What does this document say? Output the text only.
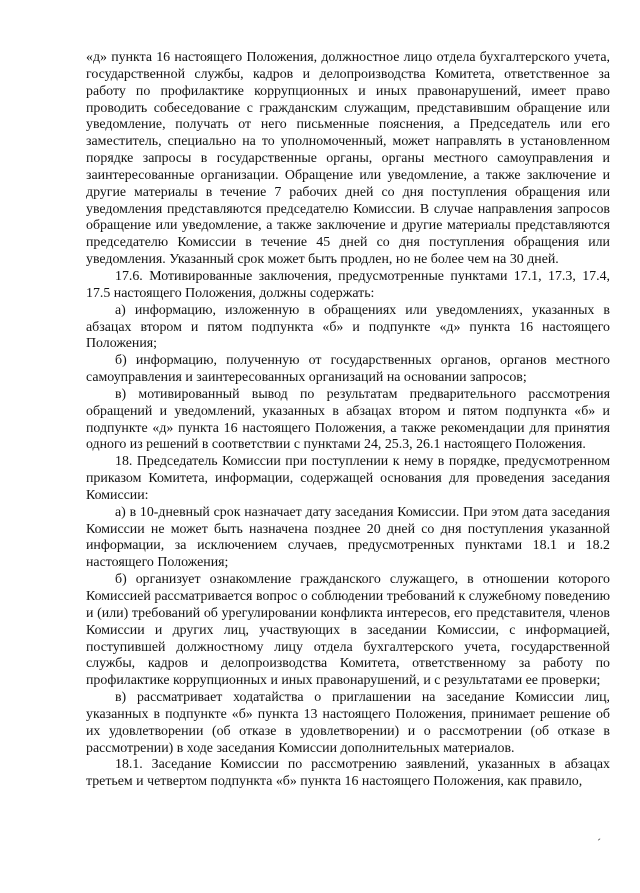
«д» пункта 16 настоящего Положения, должностное лицо отдела бухгалтерского учета, государственной службы, кадров и делопроизводства Комитета, ответственное за работу по профилактике коррупционных и иных правонарушений, имеет право проводить собеседование с гражданским служащим, представившим обращение или уведомление, получать от него письменные пояснения, а Председатель или его заместитель, специально на то уполномоченный, может направлять в установленном порядке запросы в государственные органы, органы местного самоуправления и заинтересованные организации. Обращение или уведомление, а также заключение и другие материалы в течение 7 рабочих дней со дня поступления обращения или уведомления представляются председателю Комиссии. В случае направления запросов обращение или уведомление, а также заключение и другие материалы представляются председателю Комиссии в течение 45 дней со дня поступления обращения или уведомления. Указанный срок может быть продлен, но не более чем на 30 дней.

17.6. Мотивированные заключения, предусмотренные пунктами 17.1, 17.3, 17.4, 17.5 настоящего Положения, должны содержать:

а) информацию, изложенную в обращениях или уведомлениях, указанных в абзацах втором и пятом подпункта «б» и подпункте «д» пункта 16 настоящего Положения;

б) информацию, полученную от государственных органов, органов местного самоуправления и заинтересованных организаций на основании запросов;

в) мотивированный вывод по результатам предварительного рассмотрения обращений и уведомлений, указанных в абзацах втором и пятом подпункта «б» и подпункте «д» пункта 16 настоящего Положения, а также рекомендации для принятия одного из решений в соответствии с пунктами 24, 25.3, 26.1 настоящего Положения.

18. Председатель Комиссии при поступлении к нему в порядке, предусмотренном приказом Комитета, информации, содержащей основания для проведения заседания Комиссии:

а) в 10-дневный срок назначает дату заседания Комиссии. При этом дата заседания Комиссии не может быть назначена позднее 20 дней со дня поступления указанной информации, за исключением случаев, предусмотренных пунктами 18.1 и 18.2 настоящего Положения;

б) организует ознакомление гражданского служащего, в отношении которого Комиссией рассматривается вопрос о соблюдении требований к служебному поведению и (или) требований об урегулировании конфликта интересов, его представителя, членов Комиссии и других лиц, участвующих в заседании Комиссии, с информацией, поступившей должностному лицу отдела бухгалтерского учета, государственной службы, кадров и делопроизводства Комитета, ответственному за работу по профилактике коррупционных и иных правонарушений, и с результатами ее проверки;

в) рассматривает ходатайства о приглашении на заседание Комиссии лиц, указанных в подпункте «б» пункта 13 настоящего Положения, принимает решение об их удовлетворении (об отказе в удовлетворении) и о рассмотрении (об отказе в рассмотрении) в ходе заседания Комиссии дополнительных материалов.

18.1. Заседание Комиссии по рассмотрению заявлений, указанных в абзацах третьем и четвертом подпункта «б» пункта 16 настоящего Положения, как правило,

ˊ
